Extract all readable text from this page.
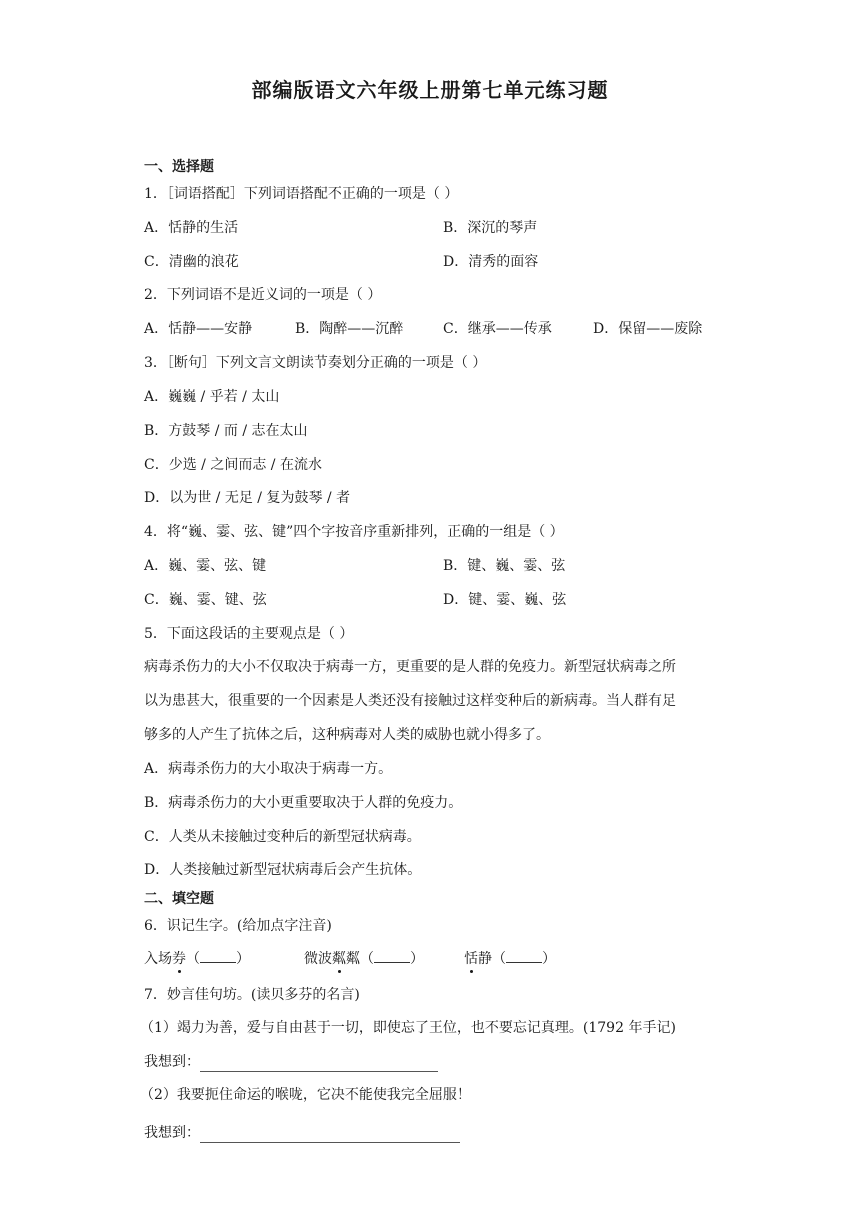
部编版语文六年级上册第七单元练习题
一、选择题
1．［词语搭配］下列词语搭配不正确的一项是（ ）
A．恬静的生活	B．深沉的琴声
C．清幽的浪花	D．清秀的面容
2．下列词语不是近义词的一项是（ ）
A．恬静——安静	B．陶醉——沉醉	C．继承——传承	D．保留——废除
3．［断句］下列文言文朗读节奏划分正确的一项是（ ）
A．巍巍 / 乎若 / 太山
B．方鼓琴 / 而 / 志在太山
C．少选 / 之间而志 / 在流水
D．以为世 / 无足 / 复为鼓琴 / 者
4．将“巍、霎、弦、键”四个字按音序重新排列，正确的一组是（ ）
A．巍、霎、弦、键	B．键、巍、霎、弦
C．巍、霎、键、弦	D．键、霎、巍、弦
5．下面这段话的主要观点是（ ）
病毒杀伤力的大小不仅取决于病毒一方，更重要的是人群的免疫力。新型冠状病毒之所
以为患甚大，很重要的一个因素是人类还没有接触过这样变种后的新病毒。当人群有足
够多的人产生了抗体之后，这种病毒对人类的威胁也就小得多了。
A．病毒杀伤力的大小取决于病毒一方。
B．病毒杀伤力的大小更重要取决于人群的免疫力。
C．人类从未接触过变种后的新型冠状病毒。
D．人类接触过新型冠状病毒后会产生抗体。
二、填空题
6．识记生字。(给加点字注音)
入场券（	）	微波粼粼（	）	恬静（	）
7．妙言佳句坊。(读贝多芬的名言)
（1）竭力为善，爱与自由甚于一切，即使忘了王位，也不要忘记真理。(1792 年手记)
我想到：
（2）我要扼住命运的喉咙，它决不能使我完全屈服！
我想到：
